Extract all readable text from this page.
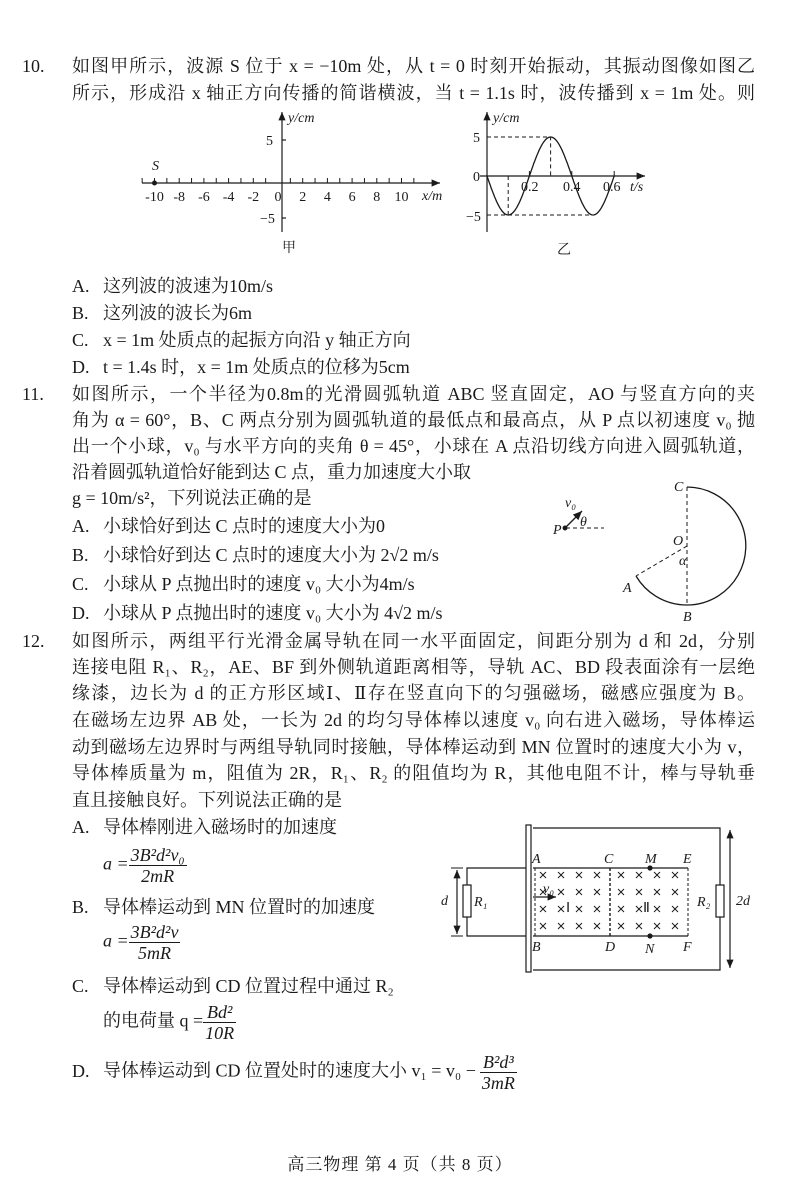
10. 如图甲所示，波源 S 位于 x = −10m 处，从 t = 0 时刻开始振动，其振动图像如图乙
所示，形成沿 x 轴正方向传播的简谐横波，当 t = 1.1s 时，波传播到 x = 1m 处。则
A. 这列波的波速为10m/s
B. 这列波的波长为6m
C. x = 1m 处质点的起振方向沿 y 轴正方向
D. t = 1.4s 时，x = 1m 处质点的位移为5cm
11. 如图所示，一个半径为0.8m的光滑圆弧轨道 ABC 竖直固定，AO 与竖直方向的夹
角为 α = 60°，B、C 两点分别为圆弧轨道的最低点和最高点，从 P 点以初速度 v₀ 抛
出一个小球，v₀ 与水平方向的夹角 θ = 45°，小球在 A 点沿切线方向进入圆弧轨道，
沿着圆弧轨道恰好能到达 C 点，重力加速度大小取
g = 10m/s²，下列说法正确的是
A. 小球恰好到达 C 点时的速度大小为0
B. 小球恰好到达 C 点时的速度大小为 2√2 m/s
C. 小球从 P 点抛出时的速度 v₀ 大小为4m/s
D. 小球从 P 点抛出时的速度 v₀ 大小为 4√2 m/s
12. 如图所示，两组平行光滑金属导轨在同一水平面固定，间距分别为 d 和 2d，分别
连接电阻 R₁、R₂，AE、BF 到外侧轨道距离相等，导轨 AC、BD 段表面涂有一层绝
缘漆，边长为 d 的正方形区域Ⅰ、Ⅱ存在竖直向下的匀强磁场，磁感应强度为 B。
在磁场左边界 AB 处，一长为 2d 的均匀导体棒以速度 v₀ 向右进入磁场，导体棒运
动到磁场左边界时与两组导轨同时接触，导体棒运动到 MN 位置时的速度大小为 v，
导体棒质量为 m，阻值为 2R，R₁、R₂ 的阻值均为 R，其他电阻不计，棒与导轨垂
直且接触良好。下列说法正确的是
A. 导体棒刚进入磁场时的加速度
$a = \frac{\text{3B²d²v₀}}{2mR}$
B. 导体棒运动到 MN 位置时的加速度
$a = \frac{\text{3B²d²v}}{5mR}$
C. 导体棒运动到 CD 位置过程中通过 R₂
的电荷量 $q = \frac{\text{Bd²}}{10R}$
D. 导体棒运动到 CD 位置处时的速度大小 $v_1 = v_0 - \frac{\text{B²d³}}{3mR}$
y/cm
5
−5
x/m
S
甲
-10 -8 -6 -4 -2 0 2 4 6 8 10
y/cm
5
0
−5
0.2 0.4 0.6 t/s
乙
C
O
α
A
B
P
θ
v₀
A	C M E
B	D N F
R₁	R₂
d	2d
v₀
Ⅰ	Ⅱ
高三物理 第 4 页（共 8 页）
